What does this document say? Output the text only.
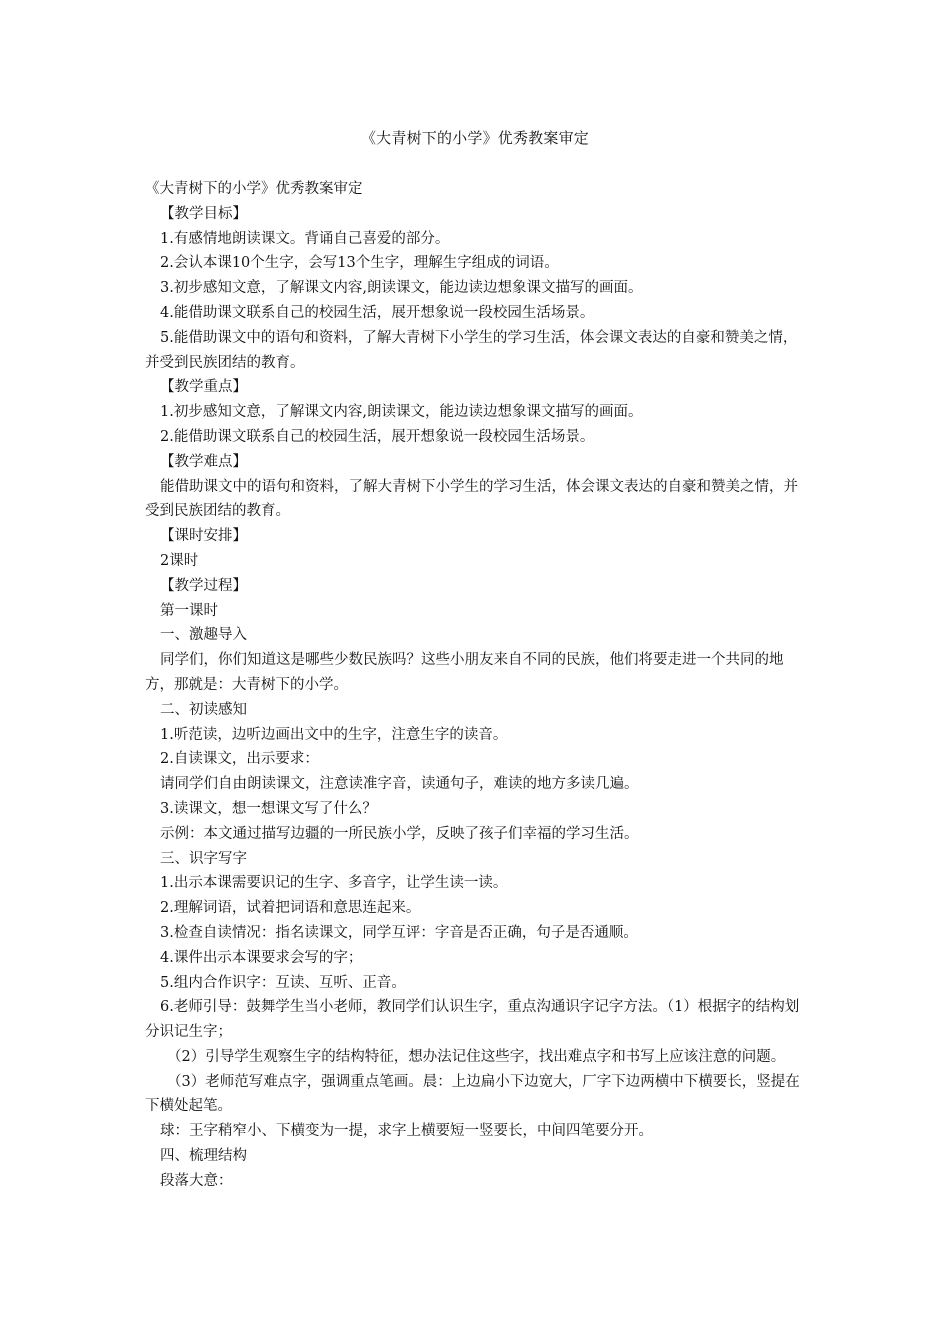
《大青树下的小学》优秀教案审定

《大青树下的小学》优秀教案审定

【教学目标】

1.有感情地朗读课文。背诵自己喜爱的部分。

2.会认本课10个生字，会写13个生字，理解生字组成的词语。

3.初步感知文意，了解课文内容,朗读课文，能边读边想象课文描写的画面。

4.能借助课文联系自己的校园生活，展开想象说一段校园生活场景。

5.能借助课文中的语句和资料，了解大青树下小学生的学习生活，体会课文表达的自豪和赞美之情，并受到民族团结的教育。

【教学重点】

1.初步感知文意，了解课文内容,朗读课文，能边读边想象课文描写的画面。

2.能借助课文联系自己的校园生活，展开想象说一段校园生活场景。

【教学难点】

能借助课文中的语句和资料，了解大青树下小学生的学习生活，体会课文表达的自豪和赞美之情，并受到民族团结的教育。

【课时安排】

2课时

【教学过程】

第一课时

一、激趣导入

同学们，你们知道这是哪些少数民族吗？这些小朋友来自不同的民族，他们将要走进一个共同的地方，那就是：大青树下的小学。

二、初读感知

1.听范读，边听边画出文中的生字，注意生字的读音。

2.自读课文，出示要求：

请同学们自由朗读课文，注意读准字音，读通句子，难读的地方多读几遍。

3.读课文，想一想课文写了什么？

示例：本文通过描写边疆的一所民族小学，反映了孩子们幸福的学习生活。

三、识字写字

1.出示本课需要识记的生字、多音字，让学生读一读。

2.理解词语，试着把词语和意思连起来。

3.检查自读情况：指名读课文，同学互评：字音是否正确，句子是否通顺。

4.课件出示本课要求会写的字；

5.组内合作识字：互读、互听、正音。

6.老师引导：鼓舞学生当小老师，教同学们认识生字，重点沟通识字记字方法。（1）根据字的结构划分识记生字；

（2）引导学生观察生字的结构特征，想办法记住这些字，找出难点字和书写上应该注意的问题。

（3）老师范写难点字，强调重点笔画。晨：上边扁小下边宽大，厂字下边两横中下横要长，竖提在下横处起笔。

球：王字稍窄小、下横变为一提，求字上横要短一竖要长，中间四笔要分开。

四、梳理结构

段落大意：
